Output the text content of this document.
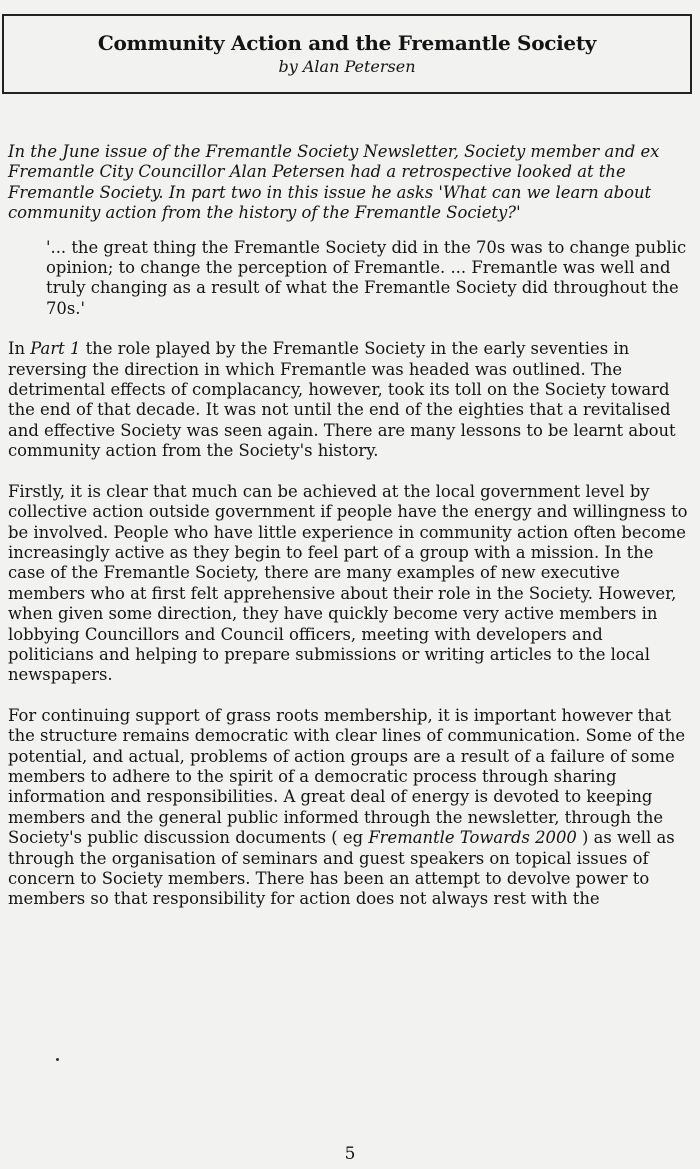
Community Action and the Fremantle Society
by Alan Petersen

In the June issue of the Fremantle Society Newsletter, Society member and ex Fremantle City Councillor Alan Petersen had a retrospective looked at the Fremantle Society. In part two in this issue he asks 'What can we learn about community action from the history of the Fremantle Society?'

'... the great thing the Fremantle Society did in the 70s was to change public opinion; to change the perception of Fremantle. ... Fremantle was well and truly changing as a result of what the Fremantle Society did throughout the 70s.'

In Part 1 the role played by the Fremantle Society in the early seventies in reversing the direction in which Fremantle was headed was outlined. The detrimental effects of complacancy, however, took its toll on the Society toward the end of that decade. It was not until the end of the eighties that a revitalised and effective Society was seen again. There are many lessons to be learnt about community action from the Society's history.

Firstly, it is clear that much can be achieved at the local government level by collective action outside government if people have the energy and willingness to be involved. People who have little experience in community action often become increasingly active as they begin to feel part of a group with a mission. In the case of the Fremantle Society, there are many examples of new executive members who at first felt apprehensive about their role in the Society. However, when given some direction, they have quickly become very active members in lobbying Councillors and Council officers, meeting with developers and politicians and helping to prepare submissions or writing articles to the local newspapers.

For continuing support of grass roots membership, it is important however that the structure remains democratic with clear lines of communication. Some of the potential, and actual, problems of action groups are a result of a failure of some members to adhere to the spirit of a democratic process through sharing information and responsibilities. A great deal of energy is devoted to keeping members and the general public informed through the newsletter, through the Society's public discussion documents ( eg Fremantle Towards 2000 ) as well as through the organisation of seminars and guest speakers on topical issues of concern to Society members. There has been an attempt to devolve power to members so that responsibility for action does not always rest with the

5
